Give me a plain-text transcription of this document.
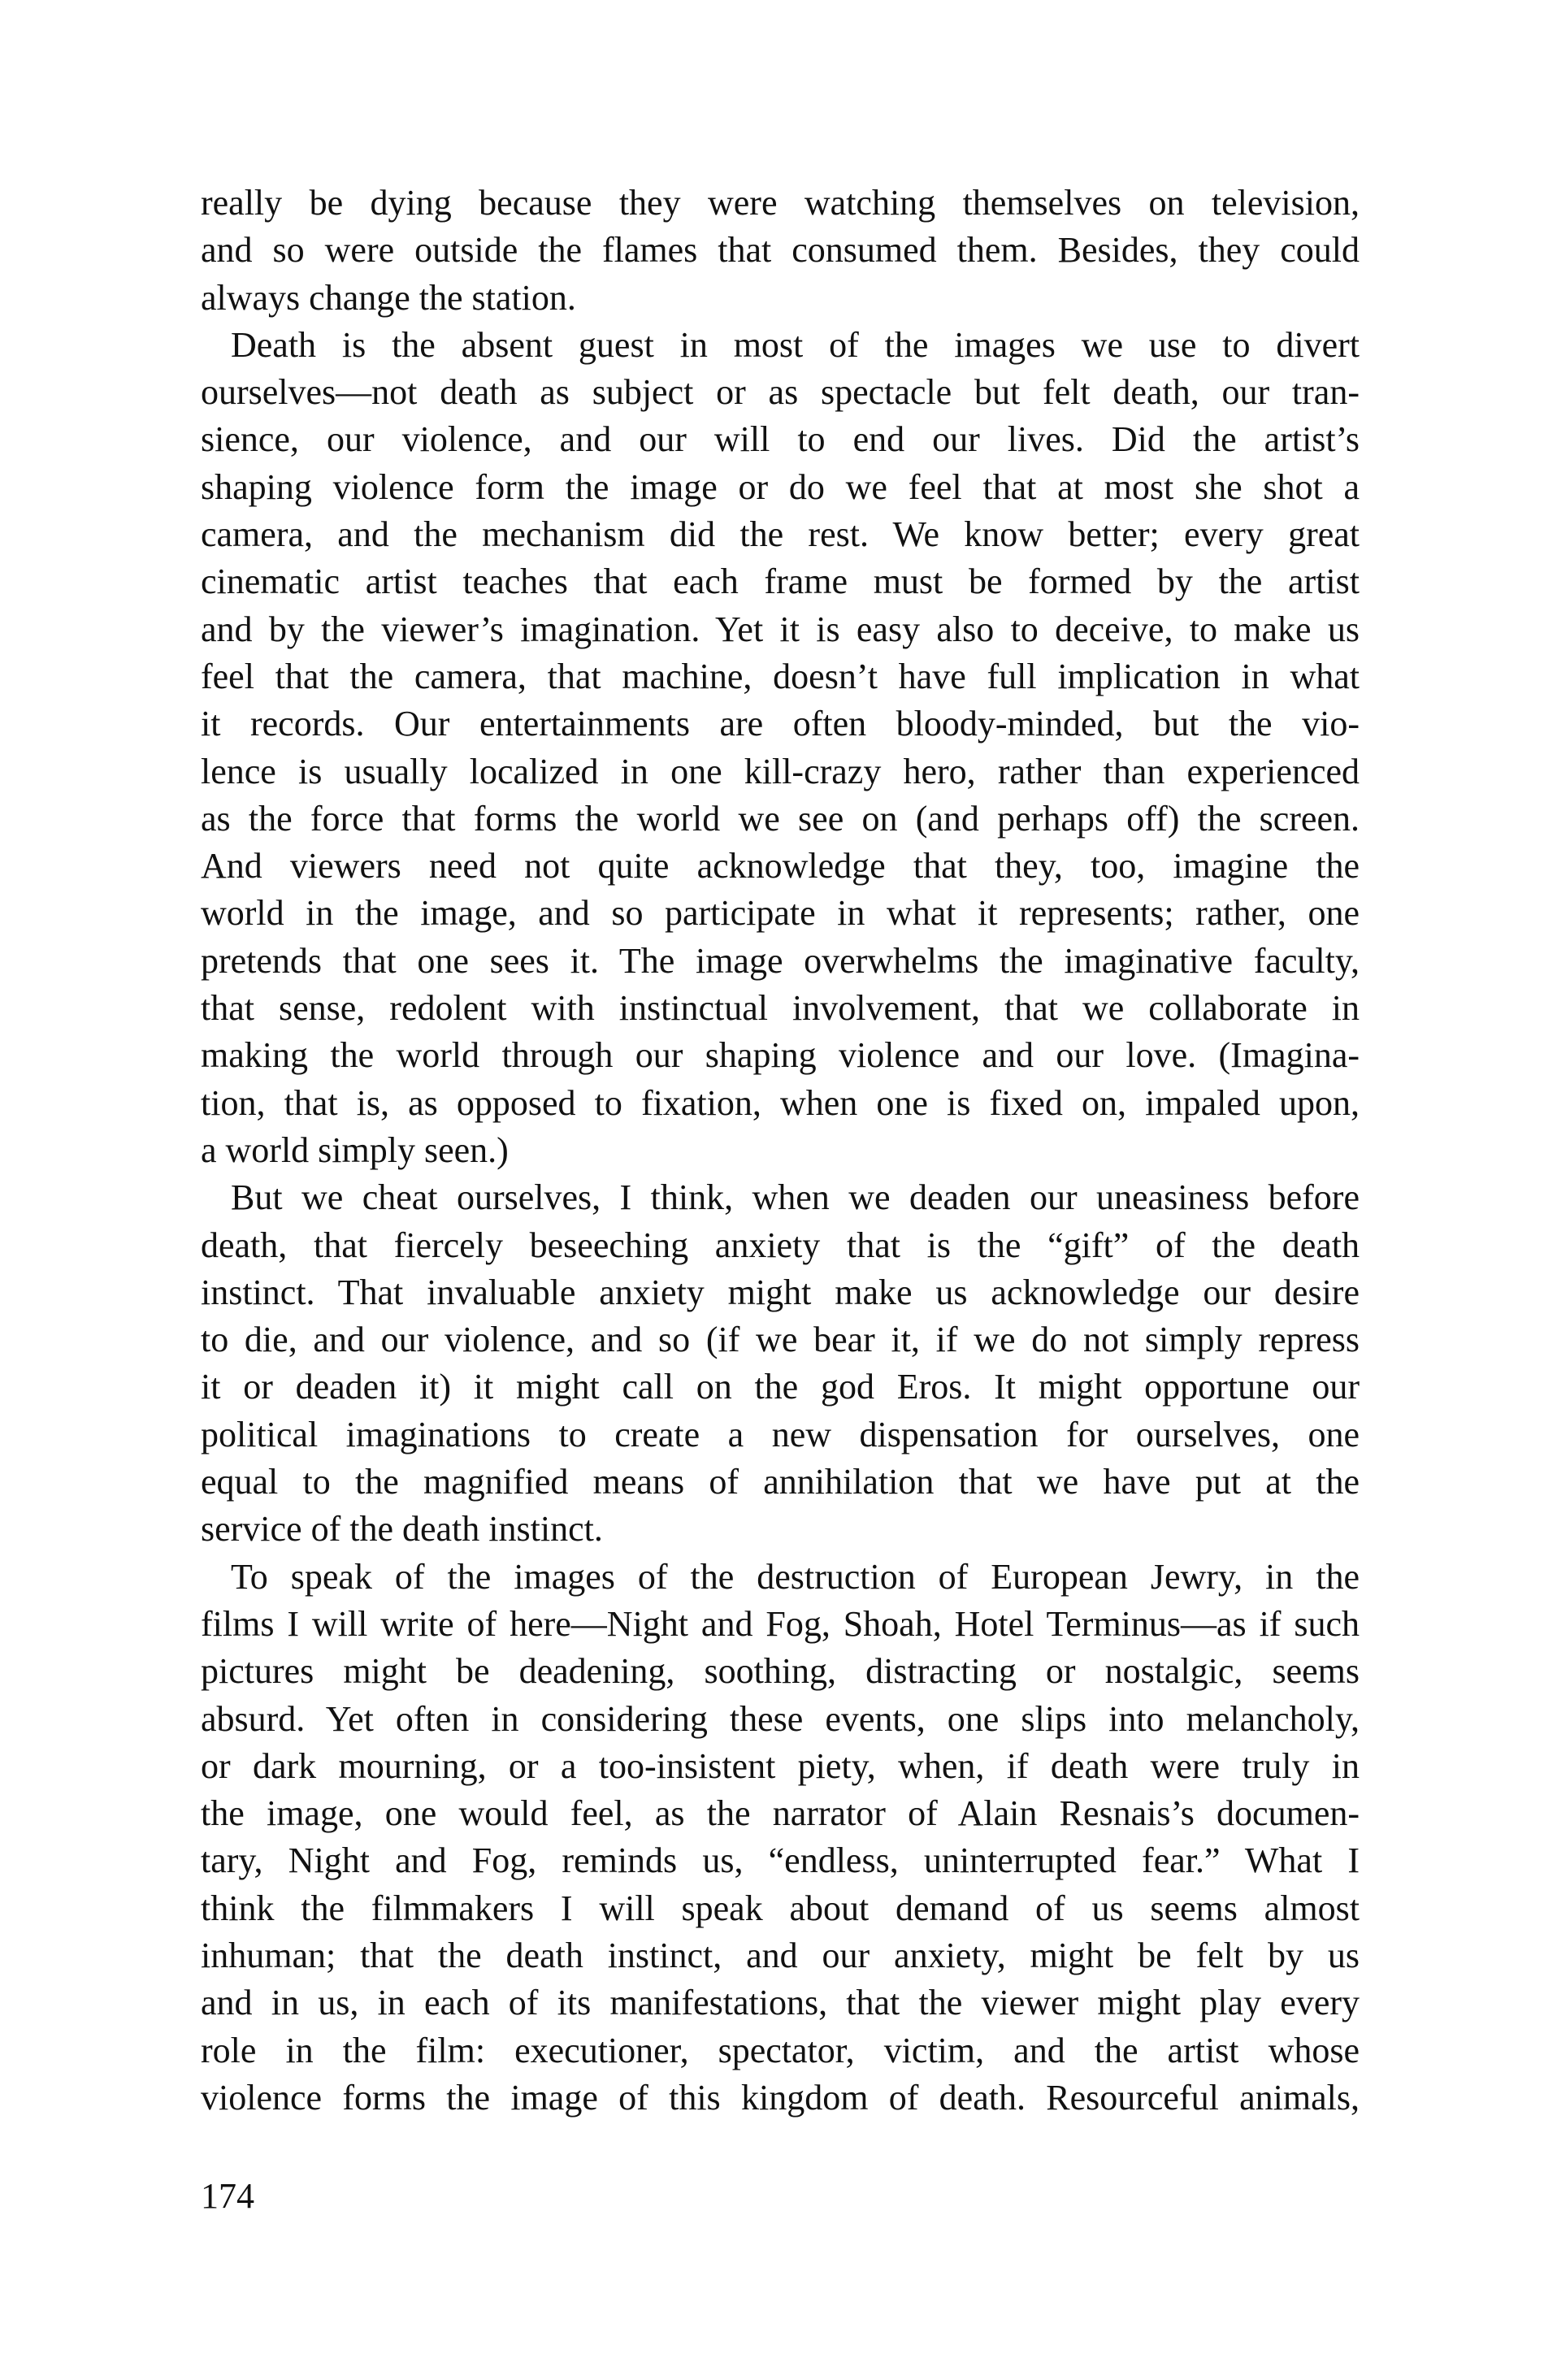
really be dying because they were watching themselves on television,
and so were outside the flames that consumed them. Besides, they could
always change the station.
Death is the absent guest in most of the images we use to divert
ourselves—not death as subject or as spectacle but felt death, our tran-
sience, our violence, and our will to end our lives. Did the artist’s
shaping violence form the image or do we feel that at most she shot a
camera, and the mechanism did the rest. We know better; every great
cinematic artist teaches that each frame must be formed by the artist
and by the viewer’s imagination. Yet it is easy also to deceive, to make us
feel that the camera, that machine, doesn’t have full implication in what
it records. Our entertainments are often bloody-minded, but the vio-
lence is usually localized in one kill-crazy hero, rather than experienced
as the force that forms the world we see on (and perhaps off) the screen.
And viewers need not quite acknowledge that they, too, imagine the
world in the image, and so participate in what it represents; rather, one
pretends that one sees it. The image overwhelms the imaginative faculty,
that sense, redolent with instinctual involvement, that we collaborate in
making the world through our shaping violence and our love. (Imagina-
tion, that is, as opposed to fixation, when one is fixed on, impaled upon,
a world simply seen.)
But we cheat ourselves, I think, when we deaden our uneasiness before
death, that fiercely beseeching anxiety that is the “gift” of the death
instinct. That invaluable anxiety might make us acknowledge our desire
to die, and our violence, and so (if we bear it, if we do not simply repress
it or deaden it) it might call on the god Eros. It might opportune our
political imaginations to create a new dispensation for ourselves, one
equal to the magnified means of annihilation that we have put at the
service of the death instinct.
To speak of the images of the destruction of European Jewry, in the
films I will write of here—Night and Fog, Shoah, Hotel Terminus—as if such
pictures might be deadening, soothing, distracting or nostalgic, seems
absurd. Yet often in considering these events, one slips into melancholy,
or dark mourning, or a too-insistent piety, when, if death were truly in
the image, one would feel, as the narrator of Alain Resnais’s documen-
tary, Night and Fog, reminds us, “endless, uninterrupted fear.” What I
think the filmmakers I will speak about demand of us seems almost
inhuman; that the death instinct, and our anxiety, might be felt by us
and in us, in each of its manifestations, that the viewer might play every
role in the film: executioner, spectator, victim, and the artist whose
violence forms the image of this kingdom of death. Resourceful animals,
174
